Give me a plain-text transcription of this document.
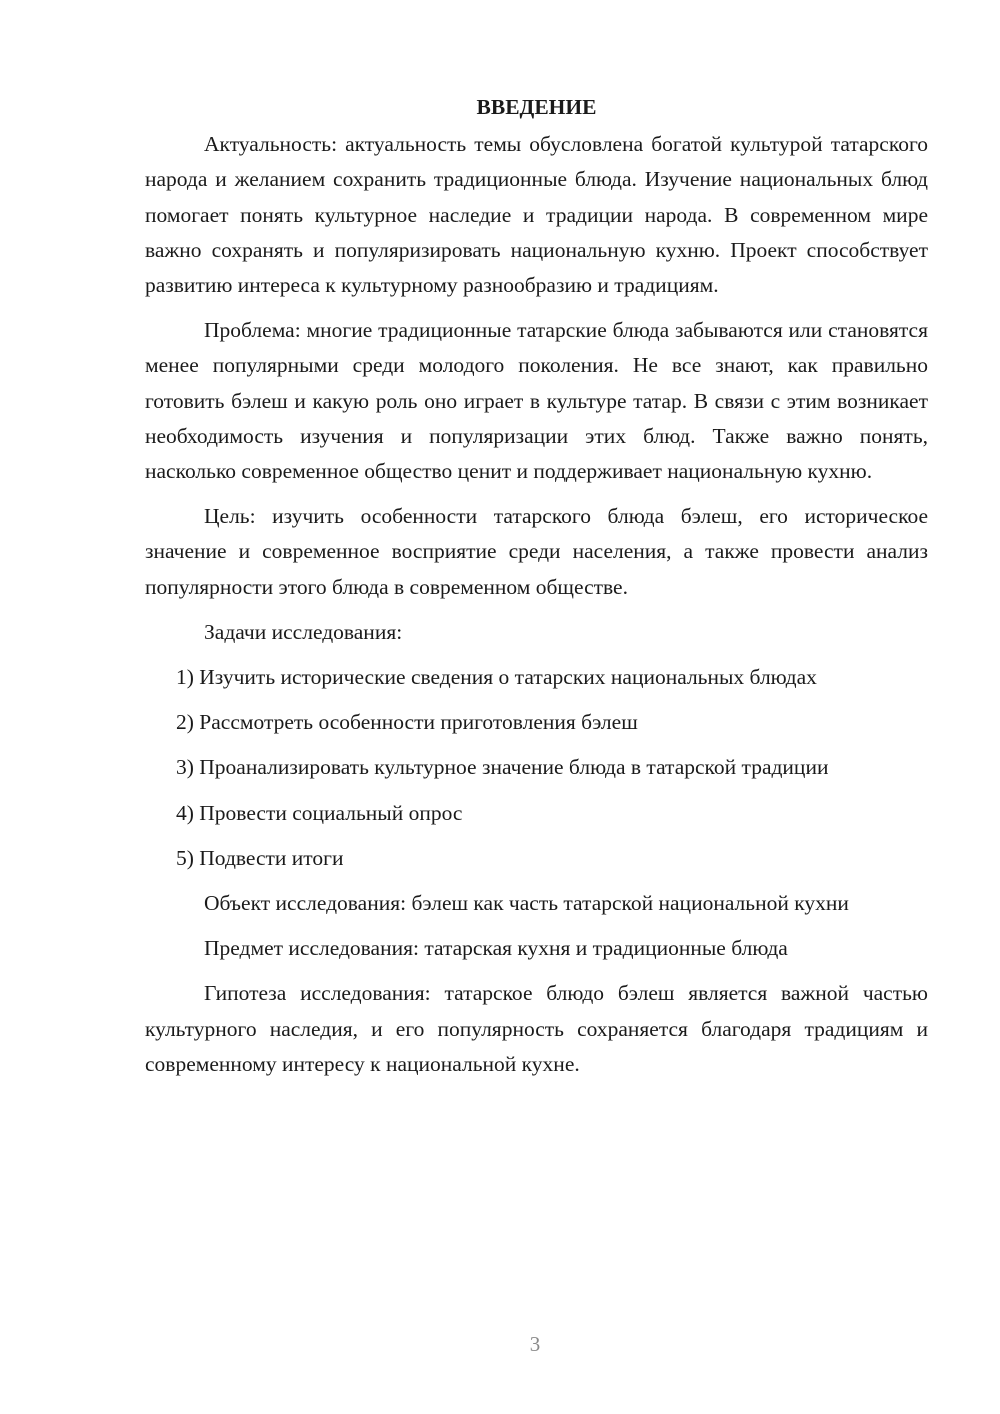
ВВЕДЕНИЕ

Актуальность: актуальность темы обусловлена богатой культурой татарского народа и желанием сохранить традиционные блюда. Изучение национальных блюд помогает понять культурное наследие и традиции народа. В современном мире важно сохранять и популяризировать национальную кухню. Проект способствует развитию интереса к культурному разнообразию и традициям.

Проблема: многие традиционные татарские блюда забываются или становятся менее популярными среди молодого поколения. Не все знают, как правильно готовить бэлеш и какую роль оно играет в культуре татар. В связи с этим возникает необходимость изучения и популяризации этих блюд. Также важно понять, насколько современное общество ценит и поддерживает национальную кухню.

Цель: изучить особенности татарского блюда бэлеш, его историческое значение и современное восприятие среди населения, а также провести анализ популярности этого блюда в современном обществе.

Задачи исследования:

1) Изучить исторические сведения о татарских национальных блюдах

2) Рассмотреть особенности приготовления бэлеш

3) Проанализировать культурное значение блюда в татарской традиции

4) Провести социальный опрос

5) Подвести итоги

Объект исследования: бэлеш как часть татарской национальной кухни

Предмет исследования: татарская кухня и традиционные блюда

Гипотеза исследования: татарское блюдо бэлеш является важной частью культурного наследия, и его популярность сохраняется благодаря традициям и современному интересу к национальной кухне.

3
